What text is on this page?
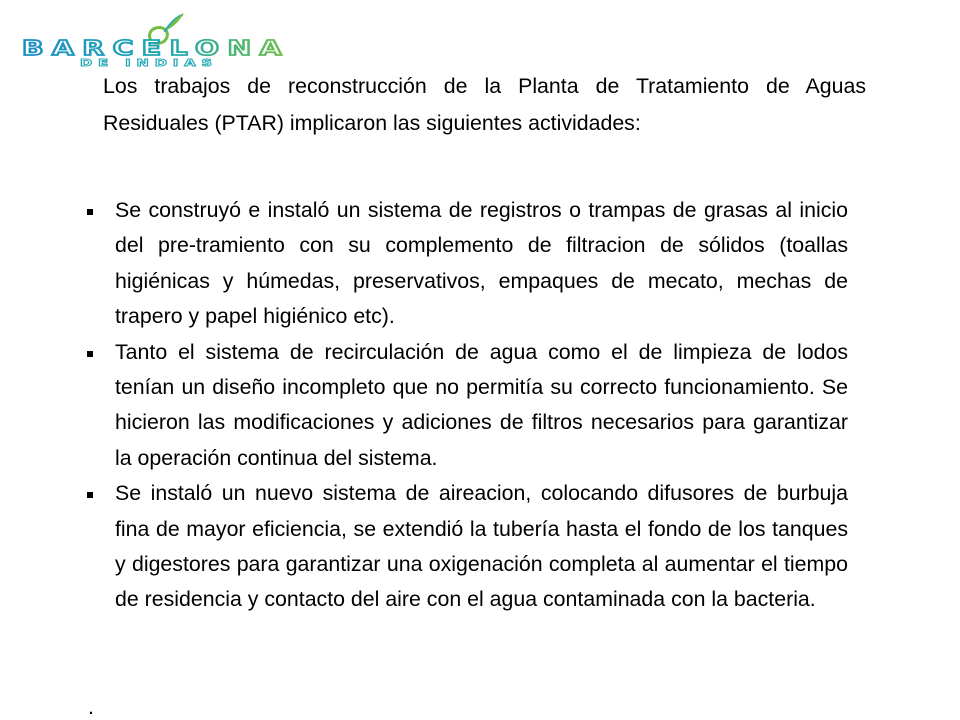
BARCELONA
DE INDIAS
Los trabajos de reconstrucción de la Planta de Tratamiento de Aguas
Residuales (PTAR) implicaron las siguientes actividades:
Se construyó e instaló un sistema de registros o trampas de grasas al inicio
del pre-tramiento con su complemento de filtracion de sólidos (toallas
higiénicas y húmedas, preservativos, empaques de mecato, mechas de
trapero y papel higiénico etc).
Tanto el sistema de recirculación de agua como el de limpieza de lodos
tenían un diseño incompleto que no permitía su correcto funcionamiento. Se
hicieron las modificaciones y adiciones de filtros necesarios para garantizar
la operación continua del sistema.
Se instaló un nuevo sistema de aireacion, colocando difusores de burbuja
fina de mayor eficiencia, se extendió la tubería hasta el fondo de los tanques
y digestores para garantizar una oxigenación completa al aumentar el tiempo
de residencia y contacto del aire con el agua contaminada con la bacteria.
.
